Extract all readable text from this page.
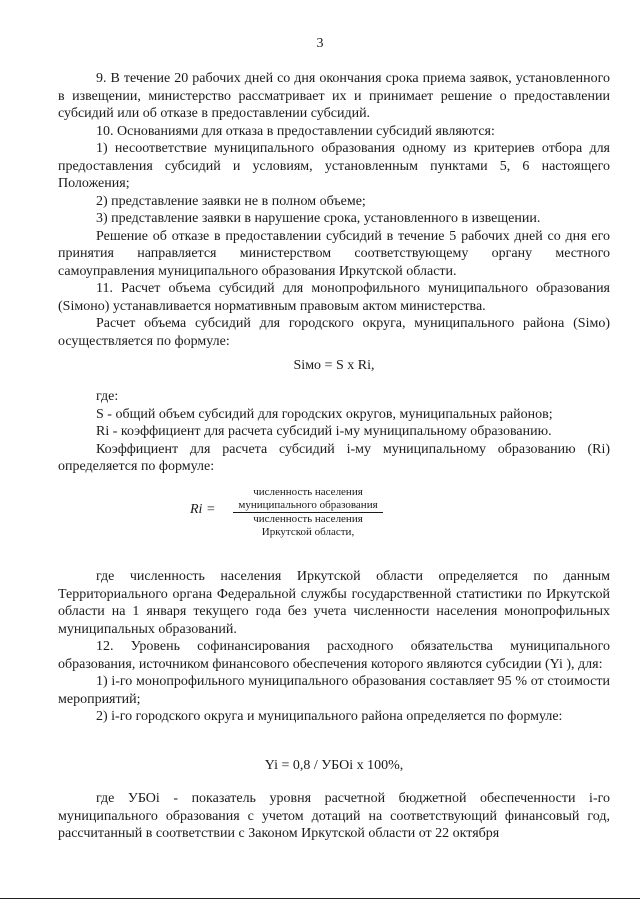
3

9. В течение 20 рабочих дней со дня окончания срока приема заявок, установленного в извещении, министерство рассматривает их и принимает решение о предоставлении субсидий или об отказе в предоставлении субсидий.

10. Основаниями для отказа в предоставлении субсидий являются:

1) несоответствие муниципального образования одному из критериев отбора для предоставления субсидий и условиям, установленным пунктами 5, 6 настоящего Положения;

2) представление заявки не в полном объеме;

3) представление заявки в нарушение срока, установленного в извещении.

Решение об отказе в предоставлении субсидий в течение 5 рабочих дней со дня его принятия направляется министерством соответствующему органу местного самоуправления муниципального образования Иркутской области.

11. Расчет объема субсидий для монопрофильного муниципального образования (Siмоно) устанавливается нормативным правовым актом министерства.

Расчет объема субсидий для городского округа, муниципального района (Siмо) осуществляется по формуле:

Siмо = S x Ri,

где:

S - общий объем субсидий для городских округов, муниципальных районов;

Ri - коэффициент для расчета субсидий i-му муниципальному образованию.

Коэффициент для расчета субсидий i-му муниципальному образованию (Ri) определяется по формуле:

Ri =
численность населения
муниципального образования
численность населения
Иркутской области,

где численность населения Иркутской области определяется по данным Территориального органа Федеральной службы государственной статистики по Иркутской области на 1 января текущего года без учета численности населения монопрофильных муниципальных образований.

12. Уровень софинансирования расходного обязательства муниципального образования, источником финансового обеспечения которого являются субсидии (Yi ), для:

1) i-го монопрофильного муниципального образования составляет 95 % от стоимости мероприятий;

2) i-го городского округа и муниципального района определяется по формуле:

Yi = 0,8 / УБОi x 100%,

где УБОi - показатель уровня расчетной бюджетной обеспеченности i-го муниципального образования с учетом дотаций на соответствующий финансовый год, рассчитанный в соответствии с Законом Иркутской области от 22 октября
